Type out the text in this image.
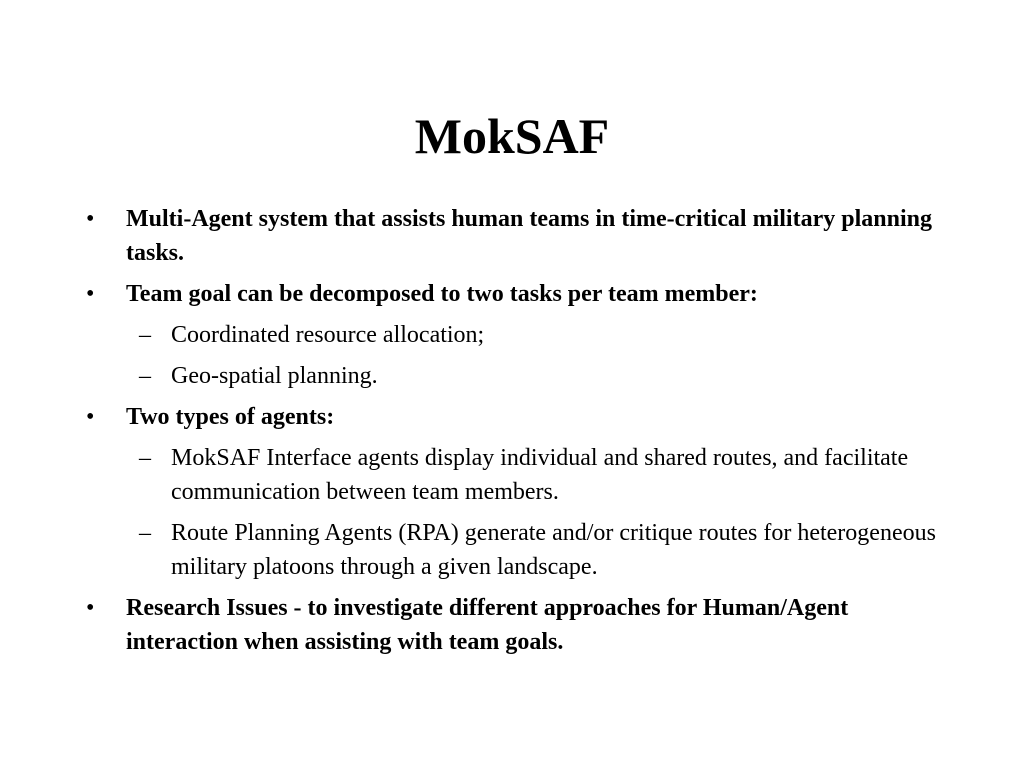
MokSAF
•	Multi-Agent system that assists human teams in time-critical military planning tasks.
•	Team goal can be decomposed to two tasks per team member:
– Coordinated resource allocation;
– Geo-spatial planning.
•	Two types of agents:
– MokSAF Interface agents display individual and shared routes, and facilitate communication between team members.
– Route Planning Agents (RPA) generate and/or critique routes for heterogeneous military platoons through a given landscape.
•	Research Issues - to investigate different approaches for Human/Agent interaction when assisting with team goals.
